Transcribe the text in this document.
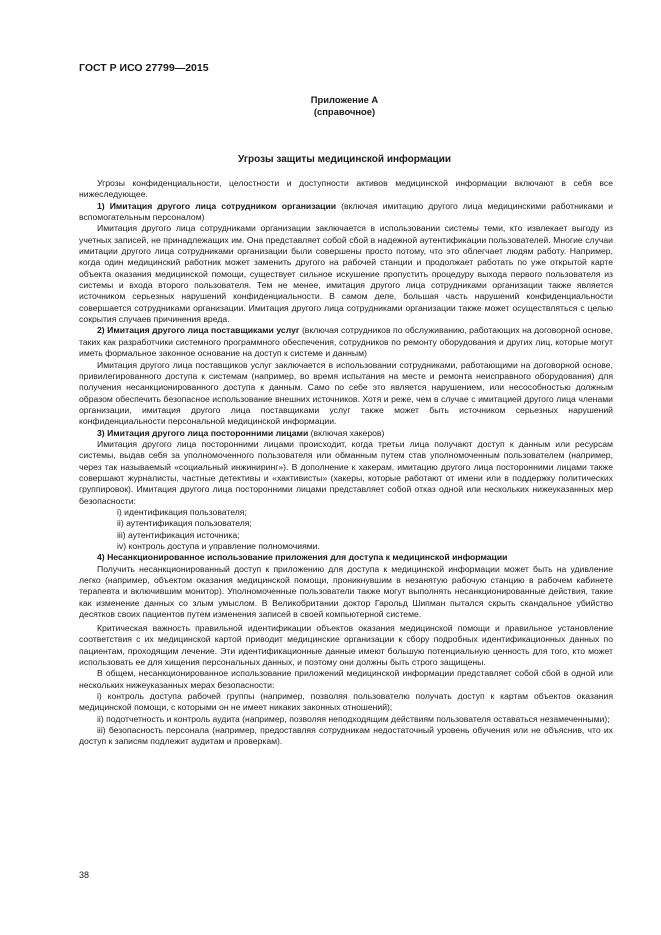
ГОСТ Р ИСО 27799—2015
Приложение А
(справочное)
Угрозы защиты медицинской информации

Угрозы конфиденциальности, целостности и доступности активов медицинской информации включают в себя все нижеследующее.

1) Имитация другого лица сотрудником организации (включая имитацию другого лица медицинскими работниками и вспомогательным персоналом)

Имитация другого лица сотрудниками организации заключается в использовании системы теми, кто извлекает выгоду из учетных записей, не принадлежащих им. Она представляет собой сбой в надежной аутентификации пользователей. Многие случаи имитации другого лица сотрудниками организации были совершены просто потому, что это облегчает людям работу. Например, когда один медицинский работник может заменить другого на рабочей станции и продолжает работать по уже открытой карте объекта оказания медицинской помощи, существует сильное искушение пропустить процедуру выхода первого пользователя из системы и входа второго пользователя. Тем не менее, имитация другого лица сотрудниками организации также является источником серьезных нарушений конфиденциальности. В самом деле, большая часть нарушений конфиденциальности совершается сотрудниками организации. Имитация другого лица сотрудниками организации также может осуществляться с целью сокрытия случаев причинения вреда.

2) Имитация другого лица поставщиками услуг (включая сотрудников по обслуживанию, работающих на договорной основе, таких как разработчики системного программного обеспечения, сотрудников по ремонту оборудования и других лиц, которые могут иметь формальное законное основание на доступ к системе и данным)

Имитация другого лица поставщиков услуг заключается в использовании сотрудниками, работающими на договорной основе, привилегированного доступа к системам (например, во время испытания на месте и ремонта неисправного оборудования) для получения несанкционированного доступа к данным. Само по себе это является нарушением, или несособностью должным образом обеспечить безопасное использование внешних источников. Хотя и реже, чем в случае с имитацией другого лица членами организации, имитация другого лица поставщиками услуг также может быть источником серьезных нарушений конфиденциальности персональной медицинской информации.

3) Имитация другого лица посторонними лицами (включая хакеров)

Имитация другого лица посторонними лицами происходит, когда третьи лица получают доступ к данным или ресурсам системы, выдав себя за уполномоченного пользователя или обманным путем став уполномоченным пользователем (например, через так называемый «социальный инжиниринг»). В дополнение к хакерам, имитацию другого лица посторонними лицами также совершают журналисты, частные детективы и «хактивисты» (хакеры, которые работают от имени или в поддержку политических группировок). Имитация другого лица посторонними лицами представляет собой отказ одной или нескольких нижеуказанных мер безопасности:

i) идентификация пользователя;

ii) аутентификация пользователя;

iii) аутентификация источника;

iv) контроль доступа и управление полномочиями.

4) Несанкционированное использование приложения для доступа к медицинской информации

Получить несанкционированный доступ к приложению для доступа к медицинской информации может быть на удивление легко (например, объектом оказания медицинской помощи, проникнувшим в незанятую рабочую станцию в рабочем кабинете терапевта и включившим монитор). Уполномоченные пользователи также могут выполнять несанкционированные действия, такие как изменение данных со злым умыслом. В Великобритании доктор Гарольд Шипман пытался скрыть скандальное убийство десятков своих пациентов путем изменения записей в своей компьютерной системе.

Критическая важность правильной идентификации объектов оказания медицинской помощи и правильное установление соответствия с их медицинской картой приводит медицинские организации к сбору подробных идентификационных данных по пациентам, проходящим лечение. Эти идентификационные данные имеют большую потенциальную ценность для того, кто может использовать ее для хищения персональных данных, и поэтому они должны быть строго защищены.

В общем, несанкционированное использование приложений медицинской информации представляет собой сбой в одной или нескольких нижеуказанных мерах безопасности:

i) контроль доступа рабочей группы (например, позволяя пользователю получать доступ к картам объектов оказания медицинской помощи, с которыми он не имеет никаких законных отношений);

ii) подотчетность и контроль аудита (например, позволяя неподходящим действиям пользователя оставаться незамеченными);

iii) безопасность персонала (например, предоставляя сотрудникам недостаточный уровень обучения или не объяснив, что их доступ к записям подлежит аудитам и проверкам).

38
